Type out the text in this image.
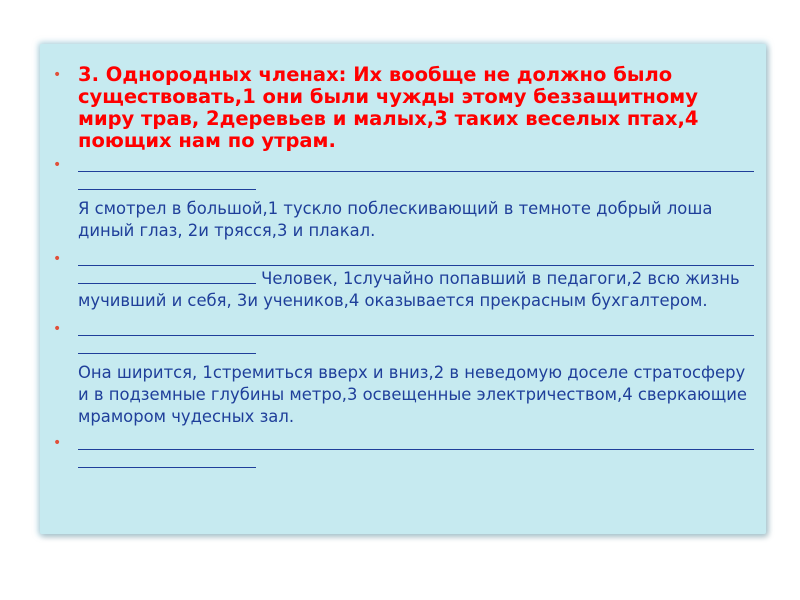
• 3. Однородных членах: Их вообще не должно было существовать,1 они были чужды этому беззащитному миру трав, 2деревьев и малых,3 таких веселых птах,4 поющих нам по утрам.
•
Я смотрел в большой,1 тускло поблескивающий в темноте добрый лошадиный глаз, 2и трясся,3 и плакал.
•
Человек, 1случайно попавший в педагоги,2 всю жизнь мучивший и себя, 3и учеников,4 оказывается прекрасным бухгалтером.
•
Она ширится, 1стремиться вверх и вниз,2 в неведомую доселе стратосферу и в подземные глубины метро,3 освещенные электричеством,4 сверкающие мрамором чудесных зал.
•
